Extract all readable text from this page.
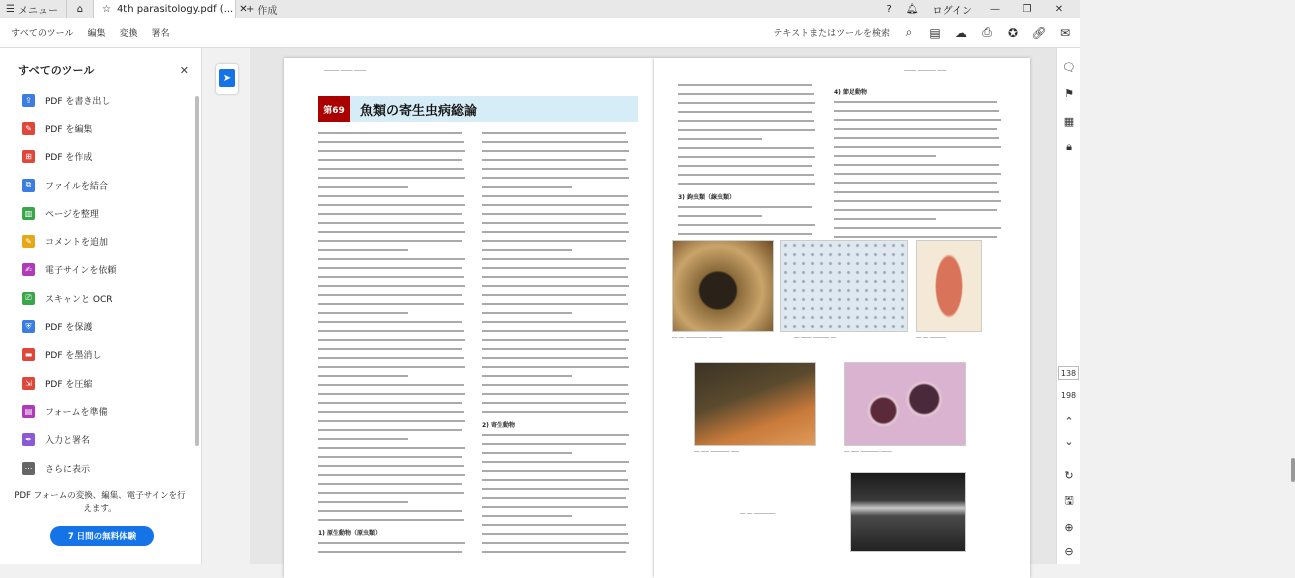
☰ メニュー ⌂ ☆ 4th parasitology.pdf (... ✕
+ 作成	? 🔔︎ ログイン	—	❐	✕
すべてのツール 編集 変換 署名	テキストまたはツールを検索	⌕	▤ ☁ ⎙ ✪ 🔗︎ ✉
すべてのツール	✕
⇪	PDF を書き出し
✎	PDF を編集
⊞	PDF を作成
⧉	ファイルを結合
▥	ページを整理
✎	コメントを追加
✍	電子サインを依頼
⎚	スキャンと OCR
⛨	PDF を保護
▬	PDF を墨消し
⇲	PDF を圧縮
▤	フォームを準備
✒	入力と署名
⋯ さらに表示
PDF フォームの変換、編集、電子サインを行えます。
7 日間の無料体験
➤
───── ──── ────
第69	魚類の寄生虫病総論
1) 原生動物（原虫類）
2) 寄生動物
──── ────── ───
3) 鉤虫類（線虫類）
4) 節足動物
── ── ──────── ─────	── ──── ────── ──	── ── ──────
── ─── ─────── ───	── ─── ─────── ────
── ── ────────
🗨︎
⚑
▦
🔒︎
138
198
⌃
⌄
↻
🖫︎
⊕
⊖
